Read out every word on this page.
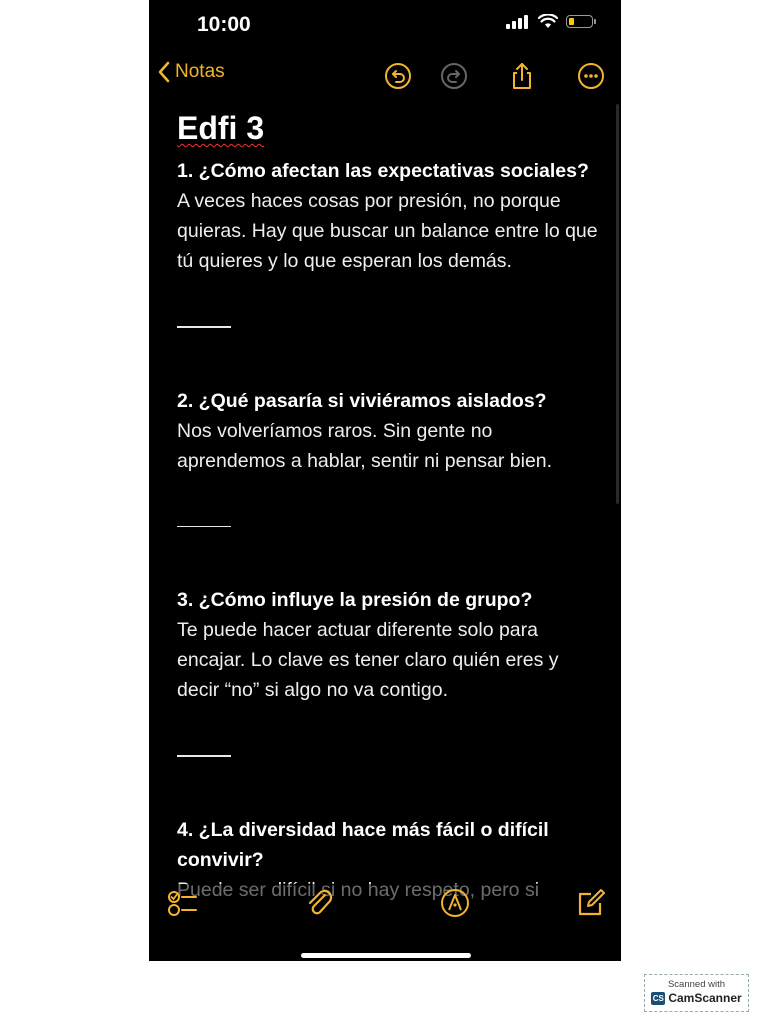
10:00
Notas
Edfi 3

1. ¿Cómo afectan las expectativas sociales?

A veces haces cosas por presión, no porque quieras. Hay que buscar un balance entre lo que tú quieres y lo que esperan los demás.

2. ¿Qué pasaría si viviéramos aislados?

Nos volveríamos raros. Sin gente no aprendemos a hablar, sentir ni pensar bien.

3. ¿Cómo influye la presión de grupo?

Te puede hacer actuar diferente solo para encajar. Lo clave es tener claro quién eres y decir “no” si algo no va contigo.

4. ¿La diversidad hace más fácil o difícil convivir?

Scanned with
CS CamScanner
